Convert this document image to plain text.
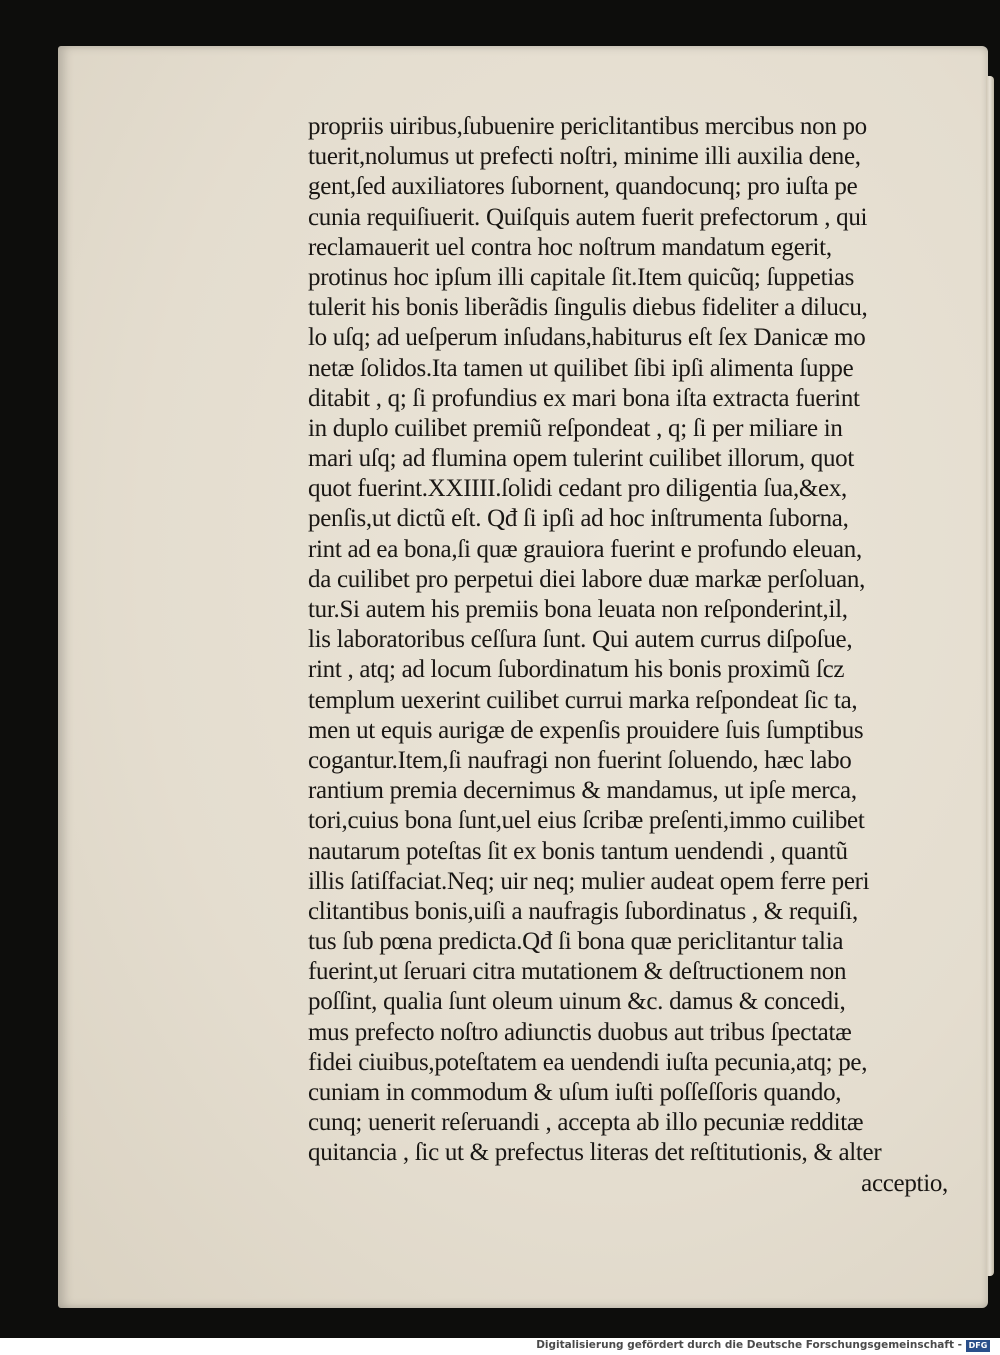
propriis uiribus,ſubuenire periclitantibus mercibus non po
tuerit,nolumus ut prefecti noſtri, minime illi auxilia dene,
gent,ſed auxiliatores ſubornent, quandocunq; pro iuſta pe
cunia requiſiuerit. Quiſquis autem fuerit prefectorum , qui
reclamauerit uel contra hoc noſtrum mandatum egerit,
protinus hoc ipſum illi capitale ſit.Item quicũq; ſuppetias
tulerit his bonis liberãdis ſingulis diebus fideliter a dilucu,
lo uſq; ad ueſperum inſudans,habiturus eſt ſex Danicæ mo
netæ ſolidos.Ita tamen ut quilibet ſibi ipſi alimenta ſuppe
ditabit , q; ſi profundius ex mari bona iſta extracta fuerint
in duplo cuilibet premiũ reſpondeat , q; ſi per miliare in
mari uſq; ad flumina opem tulerint cuilibet illorum, quot
quot fuerint.XXIIII.ſolidi cedant pro diligentia ſua,&ex,
penſis,ut dictũ eſt. Qđ ſi ipſi ad hoc inſtrumenta ſuborna,
rint ad ea bona,ſi quæ grauiora fuerint e profundo eleuan,
da cuilibet pro perpetui diei labore duæ markæ perſoluan,
tur.Si autem his premiis bona leuata non reſponderint,il,
lis laboratoribus ceſſura ſunt. Qui autem currus diſpoſue,
rint , atq; ad locum ſubordinatum his bonis proximũ ſcz
templum uexerint cuilibet currui marka reſpondeat ſic ta,
men ut equis aurigæ de expenſis prouidere ſuis ſumptibus
cogantur.Item,ſi naufragi non fuerint ſoluendo, hæc labo
rantium premia decernimus & mandamus, ut ipſe merca,
tori,cuius bona ſunt,uel eius ſcribæ preſenti,immo cuilibet
nautarum poteſtas ſit ex bonis tantum uendendi , quantũ
illis ſatiſfaciat.Neq; uir neq; mulier audeat opem ferre peri
clitantibus bonis,uiſi a naufragis ſubordinatus , & requiſi,
tus ſub pœna predicta.Qđ ſi bona quæ periclitantur talia
fuerint,ut ſeruari citra mutationem & deſtructionem non
poſſint, qualia ſunt oleum uinum &c. damus & concedi,
mus prefecto noſtro adiunctis duobus aut tribus ſpectatæ
fidei ciuibus,poteſtatem ea uendendi iuſta pecunia,atq; pe,
cuniam in commodum & uſum iuſti poſſeſſoris quando,
cunq; uenerit reſeruandi , accepta ab illo pecuniæ redditæ
quitancia , ſic ut & prefectus literas det reſtitutionis, & alter
acceptio,
Digitalisierung gefördert durch die Deutsche Forschungsgemeinschaft - DFG
